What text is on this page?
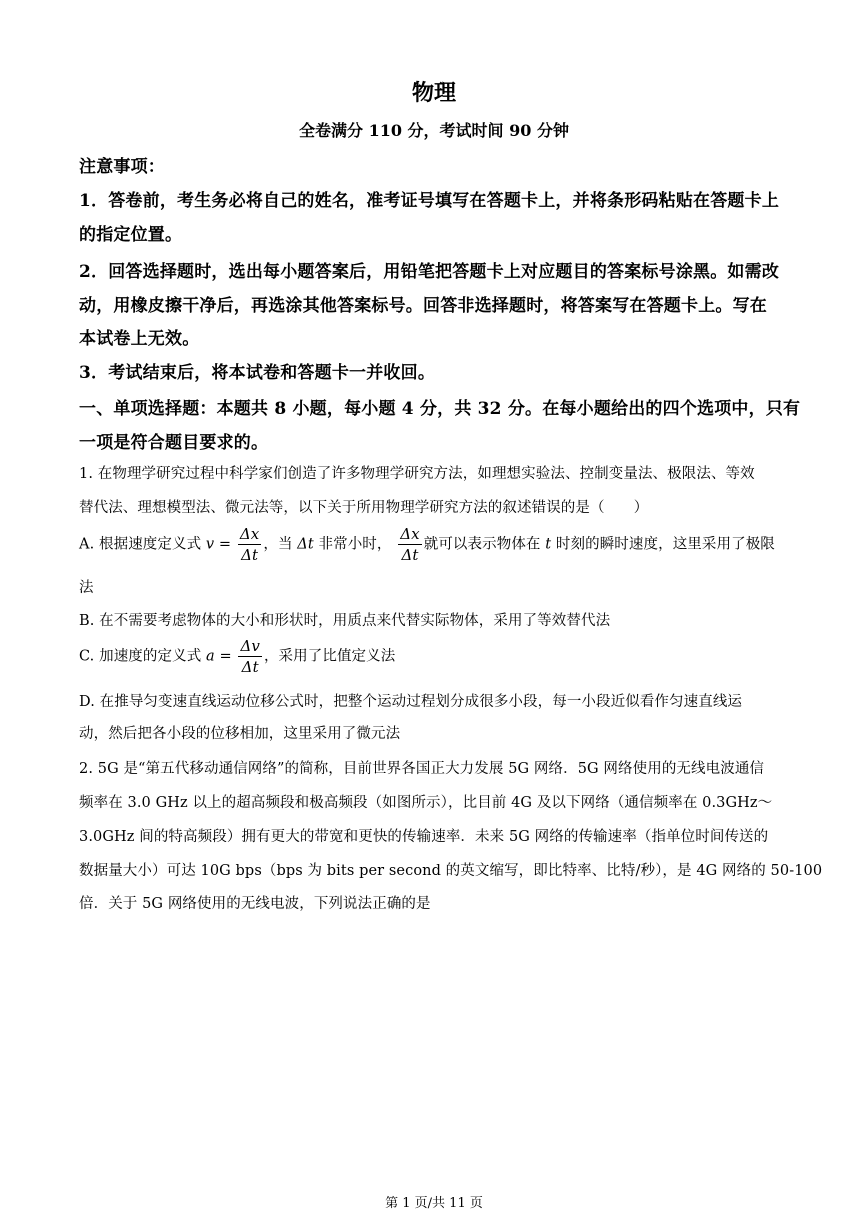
物理
全卷满分 110 分，考试时间 90 分钟
注意事项：
1．答卷前，考生务必将自己的姓名，准考证号填写在答题卡上，并将条形码粘贴在答题卡上
的指定位置。
2．回答选择题时，选出每小题答案后，用铅笔把答题卡上对应题目的答案标号涂黑。如需改
动，用橡皮擦干净后，再选涂其他答案标号。回答非选择题时，将答案写在答题卡上。写在
本试卷上无效。
3．考试结束后，将本试卷和答题卡一并收回。
一、单项选择题：本题共 8 小题，每小题 4 分，共 32 分。在每小题给出的四个选项中，只有
一项是符合题目要求的。
1. 在物理学研究过程中科学家们创造了许多物理学研究方法，如理想实验法、控制变量法、极限法、等效
替代法、理想模型法、微元法等，以下关于所用物理学研究方法的叙述错误的是（　　）
A. 根据速度定义式 $v = \frac{\Delta x}{\Delta t}$ ，当 Δt 非常小时， $\frac{\Delta x}{\Delta t}$ 就可以表示物体在 t 时刻的瞬时速度，这里采用了极限
法
B. 在不需要考虑物体的大小和形状时，用质点来代替实际物体，采用了等效替代法
C. 加速度的定义式 $a = \frac{\Delta v}{\Delta t}$ ，采用了比值定义法
D. 在推导匀变速直线运动位移公式时，把整个运动过程划分成很多小段，每一小段近似看作匀速直线运
动，然后把各小段的位移相加，这里采用了微元法
2. 5G 是“第五代移动通信网络”的简称，目前世界各国正大力发展 5G 网络．5G 网络使用的无线电波通信
频率在 3.0 GHz 以上的超高频段和极高频段（如图所示），比目前 4G 及以下网络（通信频率在 0.3GHz～
3.0GHz 间的特高频段）拥有更大的带宽和更快的传输速率．未来 5G 网络的传输速率（指单位时间传送的
数据量大小）可达 10G bps（bps 为 bits per second 的英文缩写，即比特率、比特/秒），是 4G 网络的 50-100
倍．关于 5G 网络使用的无线电波，下列说法正确的是
第 1 页/共 11 页
